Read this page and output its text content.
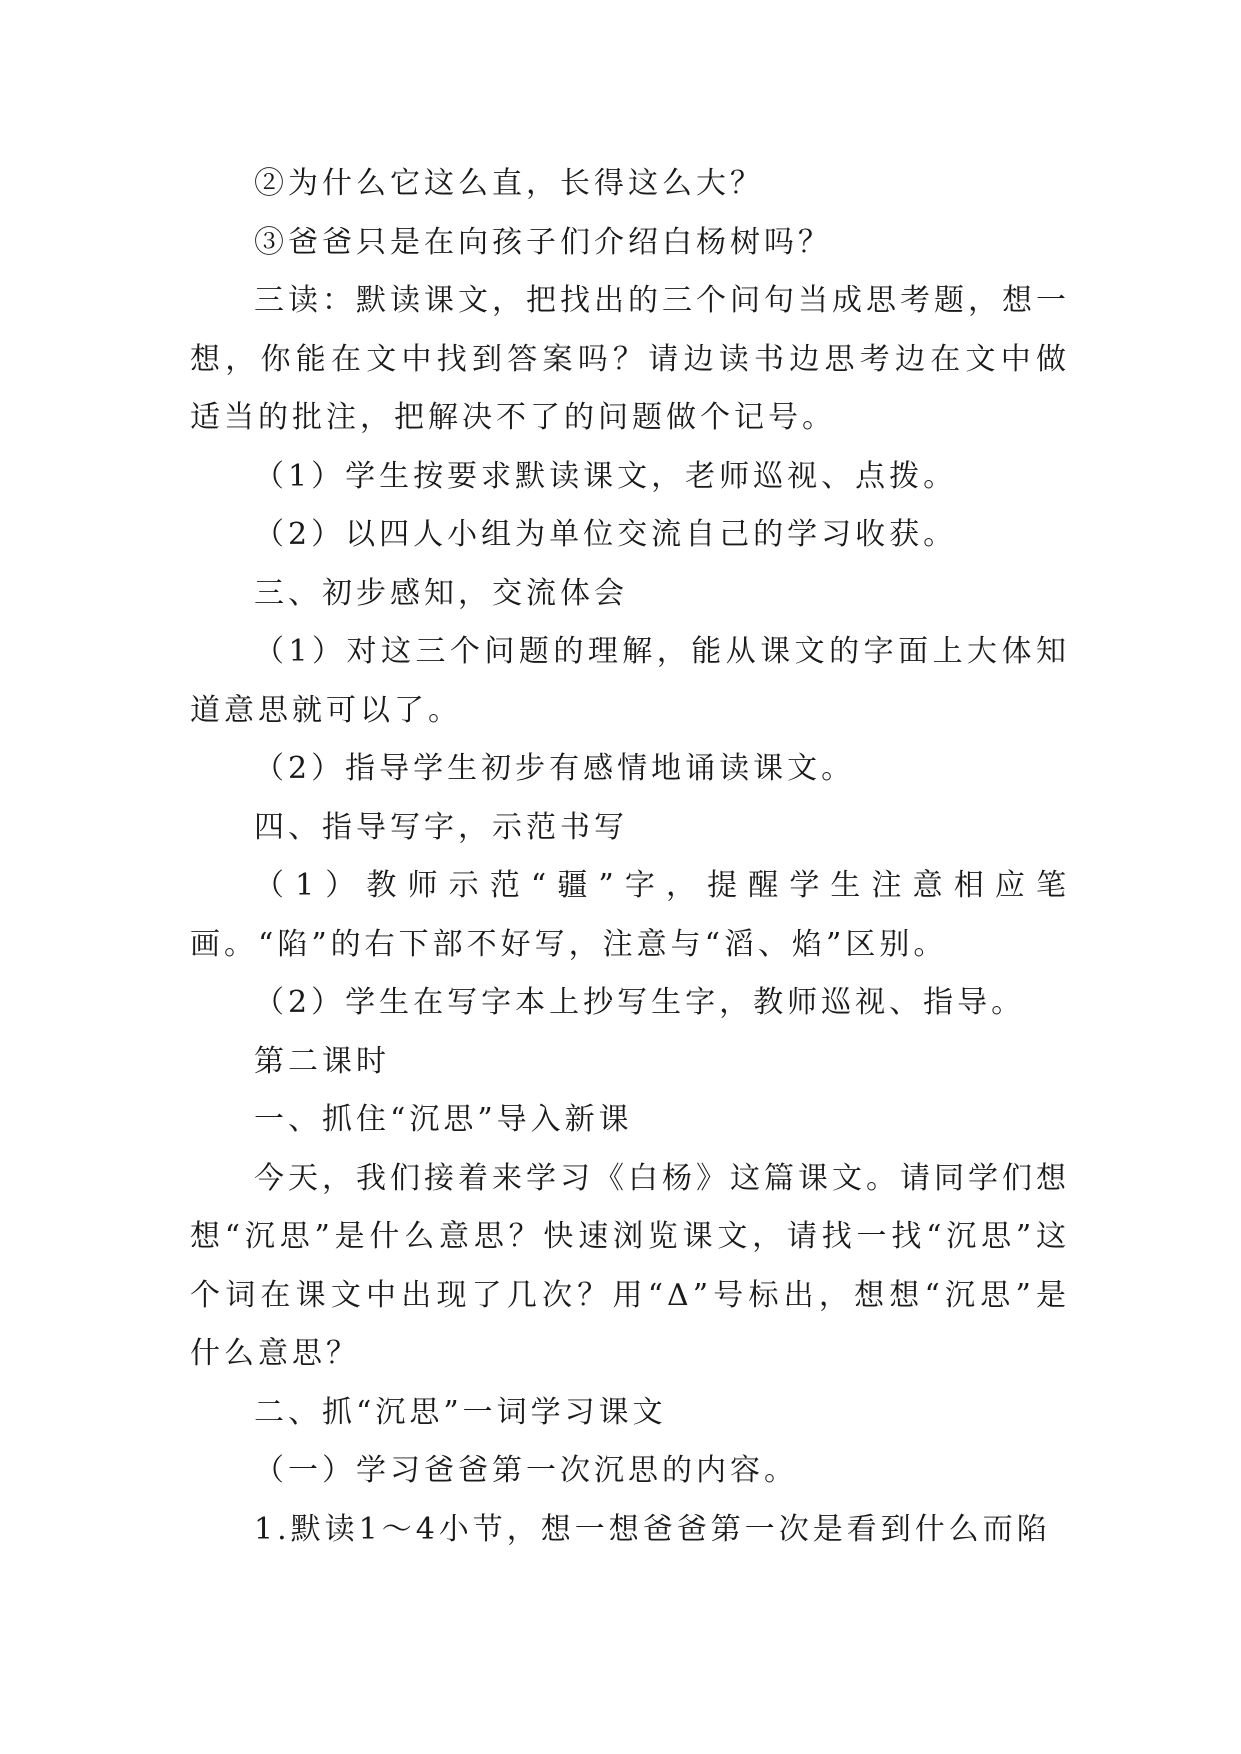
②为什么它这么直，长得这么大？

③爸爸只是在向孩子们介绍白杨树吗？

三读：默读课文，把找出的三个问句当成思考题，想一想，你能在文中找到答案吗？请边读书边思考边在文中做适当的批注，把解决不了的问题做个记号。

（1）学生按要求默读课文，老师巡视、点拨。

（2）以四人小组为单位交流自己的学习收获。

三、初步感知，交流体会

（1）对这三个问题的理解，能从课文的字面上大体知道意思就可以了。

（2）指导学生初步有感情地诵读课文。

四、指导写字，示范书写

（1）教师示范“疆”字，提醒学生注意相应笔画。“陷”的右下部不好写，注意与“滔、焰”区别。

（2）学生在写字本上抄写生字，教师巡视、指导。

第二课时

一、抓住“沉思”导入新课

今天，我们接着来学习《白杨》这篇课文。请同学们想想“沉思”是什么意思？快速浏览课文，请找一找“沉思”这个词在课文中出现了几次？用“Δ”号标出，想想“沉思”是什么意思？

二、抓“沉思”一词学习课文

（一）学习爸爸第一次沉思的内容。

1.默读1～4小节，想一想爸爸第一次是看到什么而陷
